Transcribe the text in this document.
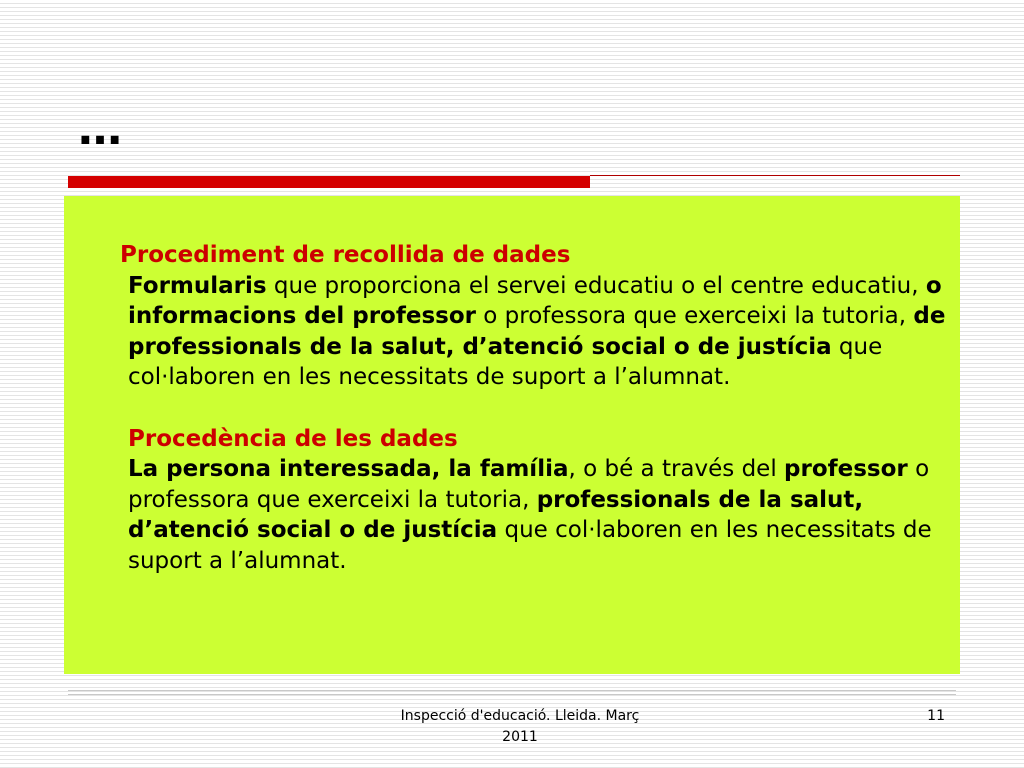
…

Procediment de recollida de dades
Formularis que proporciona el servei educatiu o el centre educatiu, o informacions del professor o professora que exerceixi la tutoria, de professionals de la salut, d’atenció social o de justícia que col·laboren en les necessitats de suport a l’alumnat.

Procedència de les dades
La persona interessada, la família, o bé a través del professor o professora que exerceixi la tutoria, professionals de la salut, d’atenció social o de justícia que col·laboren en les necessitats de suport a l’alumnat.

Inspecció d'educació. Lleida. Març
2011
11
